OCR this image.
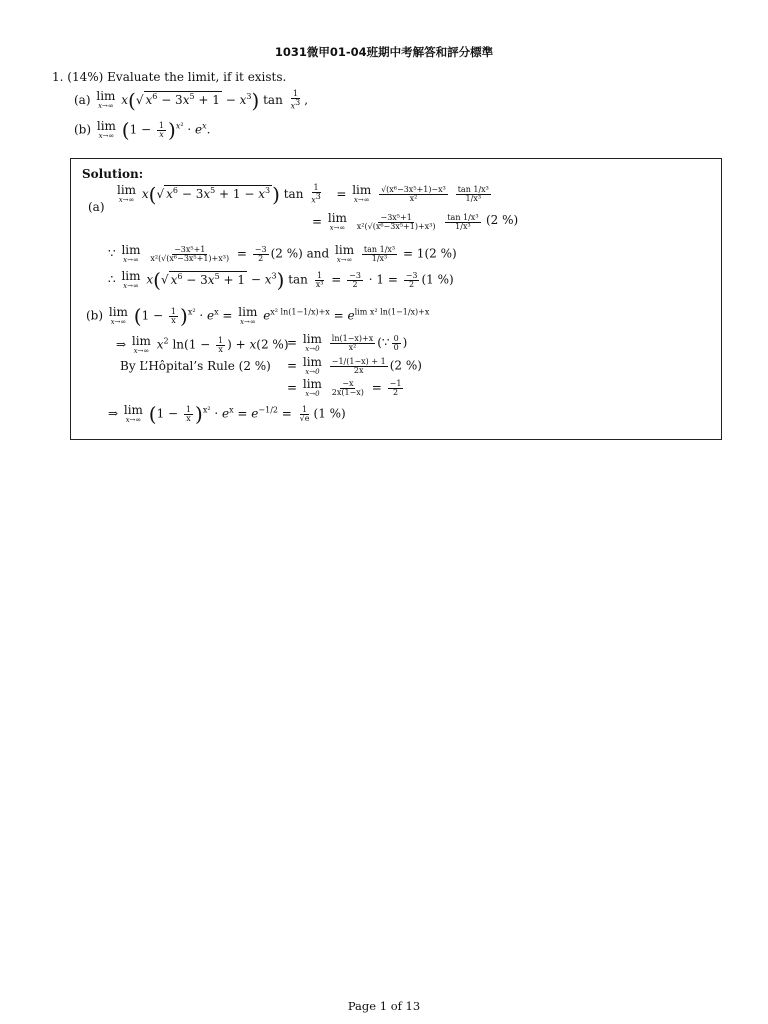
1031微甲01-04班期中考解答和評分標準
1. (14%) Evaluate the limit, if it exists.
(a) lim
x→∞ x(√ $x^6 - 3x^5 + 1 - x^3$) $\tan \frac{1}{x^3}$ ,
(b) lim
x→∞ $(1 - \frac{1}{x} )^{x^2} \cdot e^x$.
Solution:
(a)
lim
x→∞ x(√ $x^6 - 3x^5 + 1 - x^3$ ) $\tan \frac{1}{x^3} = \lim$
x→∞
$\frac{\text{√(x⁶−3x⁵+1)−x³}}{\text{x²}}$
$\frac{\text{tan 1/x³}}{\text{1/x³}}$
= lim
x→∞
$\frac{\text{−3x⁵+1}}{\text{x²(√(x⁶−3x⁵+1)+x³)}}$
$\frac{\text{tan 1/x³}}{\text{1/x³}} (2$ %)
∵ lim
x→∞
$\frac{\text{−3x⁵+1}}{\text{x²(√(x⁶−3x⁵+1)+x³)}} = \frac{-3}{2} (2$ %) and lim
x→∞
$\frac{\text{tan 1/x³}}{\text{1/x³}} = 1(2$ %)
∴ lim
x→∞ x(√ $x^6 - 3x^5 + 1 - x^3$) $\tan \frac{1}{\text{x³}} = \frac{-3}{2} \cdot 1 = \frac{-3}{2} (1$ %)
(b) lim
x→∞ $(1 - \frac{1}{x} )^{x^2} \cdot e^x = \lim$
x→∞ $e^{x^2 ln(1-1/x)+x} = e^{lim x^2 ln(1-1/x)+x}$
⇒ lim
x→∞ $x^2$ $\ln(1 - \frac{1}{x}$ ) + x(2 %)
= lim
x→0
$\frac{\ln(1-x)+x}{\text{x²}}$ (∵ $\frac{0}{0}$ )
By L’Hôpital’s Rule (2 %) = lim
x→0
$\frac{-1/(1-x) + 1}{2x} (2$ %)
= lim
x→0
$\frac{-x}{2x(1-x)} = \frac{-1}{2}$
⇒ lim
x→∞ $(1 - \frac{1}{x} )^{x^2} \cdot e^x = e^{-1/2} = \frac{1}{√e} (1$ %)
Page 1 of 13
